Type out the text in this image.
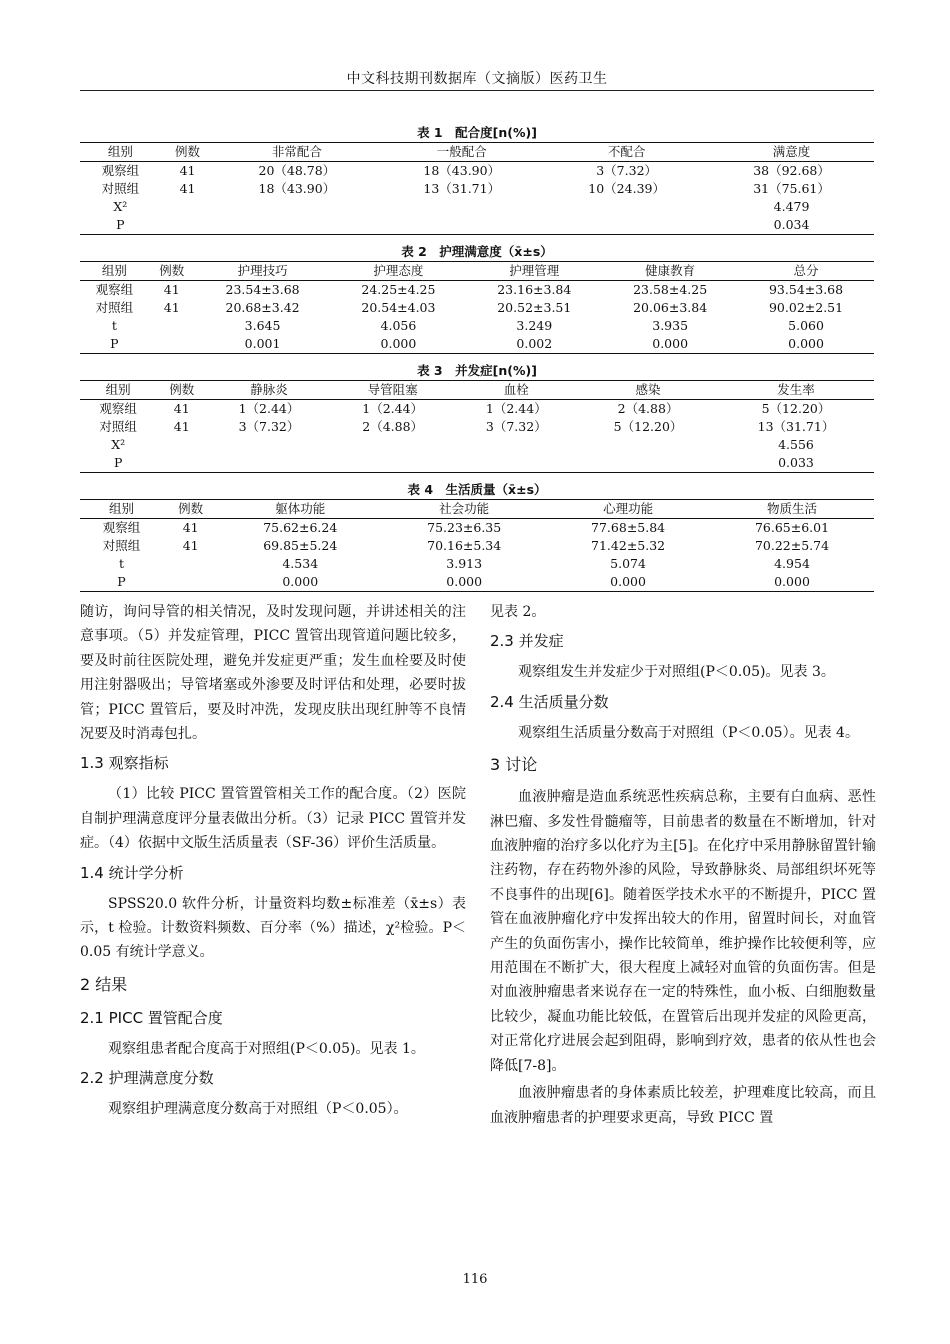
中文科技期刊数据库（文摘版）医药卫生
表 1　配合度[n(%)]
组别	例数	非常配合	一般配合	不配合	满意度
观察组	41	20（48.78）	18（43.90）	3（7.32）	38（92.68）
对照组	41	18（43.90）	13（31.71）	10（24.39）	31（75.61）
X²					4.479
P					0.034
表 2　护理满意度（x̄±s）
组别	例数	护理技巧	护理态度	护理管理	健康教育	总分
观察组	41	23.54±3.68	24.25±4.25	23.16±3.84	23.58±4.25	93.54±3.68
对照组	41	20.68±3.42	20.54±4.03	20.52±3.51	20.06±3.84	90.02±2.51
t		3.645	4.056	3.249	3.935	5.060
P		0.001	0.000	0.002	0.000	0.000
表 3　并发症[n(%)]
组别	例数	静脉炎	导管阻塞	血栓	感染	发生率
观察组	41	1（2.44）	1（2.44）	1（2.44）	2（4.88）	5（12.20）
对照组	41	3（7.32）	2（4.88）	3（7.32）	5（12.20）	13（31.71）
X²						4.556
P						0.033
表 4　生活质量（x̄±s）
组别	例数	躯体功能	社会功能	心理功能	物质生活
观察组	41	75.62±6.24	75.23±6.35	77.68±5.84	76.65±6.01
对照组	41	69.85±5.24	70.16±5.34	71.42±5.32	70.22±5.74
t		4.534	3.913	5.074	4.954
P		0.000	0.000	0.000	0.000

随访，询问导管的相关情况，及时发现问题，并讲述相关的注意事项。（5）并发症管理，PICC 置管出现管道问题比较多，要及时前往医院处理，避免并发症更严重；发生血栓要及时使用注射器吸出；导管堵塞或外渗要及时评估和处理，必要时拔管；PICC 置管后，要及时冲洗，发现皮肤出现红肿等不良情况要及时消毒包扎。

1.3 观察指标

（1）比较 PICC 置管置管相关工作的配合度。（2）医院自制护理满意度评分量表做出分析。（3）记录 PICC 置管并发症。（4）依据中文版生活质量表（SF-36）评价生活质量。

1.4 统计学分析

SPSS20.0 软件分析，计量资料均数±标准差（x̄±s）表示，t 检验。计数资料频数、百分率（%）描述，χ²检验。P＜0.05 有统计学意义。

2 结果
2.1 PICC 置管配合度

观察组患者配合度高于对照组(P＜0.05)。见表 1。

2.2 护理满意度分数

观察组护理满意度分数高于对照组（P＜0.05）。

见表 2。

2.3 并发症

观察组发生并发症少于对照组(P＜0.05)。见表 3。

2.4 生活质量分数

观察组生活质量分数高于对照组（P＜0.05）。见表 4。

3 讨论

血液肿瘤是造血系统恶性疾病总称，主要有白血病、恶性淋巴瘤、多发性骨髓瘤等，目前患者的数量在不断增加，针对血液肿瘤的治疗多以化疗为主[5]。在化疗中采用静脉留置针输注药物，存在药物外渗的风险，导致静脉炎、局部组织坏死等不良事件的出现[6]。随着医学技术水平的不断提升，PICC 置管在血液肿瘤化疗中发挥出较大的作用，留置时间长，对血管产生的负面伤害小，操作比较简单，维护操作比较便利等，应用范围在不断扩大，很大程度上减轻对血管的负面伤害。但是对血液肿瘤患者来说存在一定的特殊性，血小板、白细胞数量比较少，凝血功能比较低，在置管后出现并发症的风险更高，对正常化疗进展会起到阻碍，影响到疗效，患者的依从性也会降低[7-8]。

血液肿瘤患者的身体素质比较差，护理难度比较高，而且血液肿瘤患者的护理要求更高，导致 PICC 置

116
